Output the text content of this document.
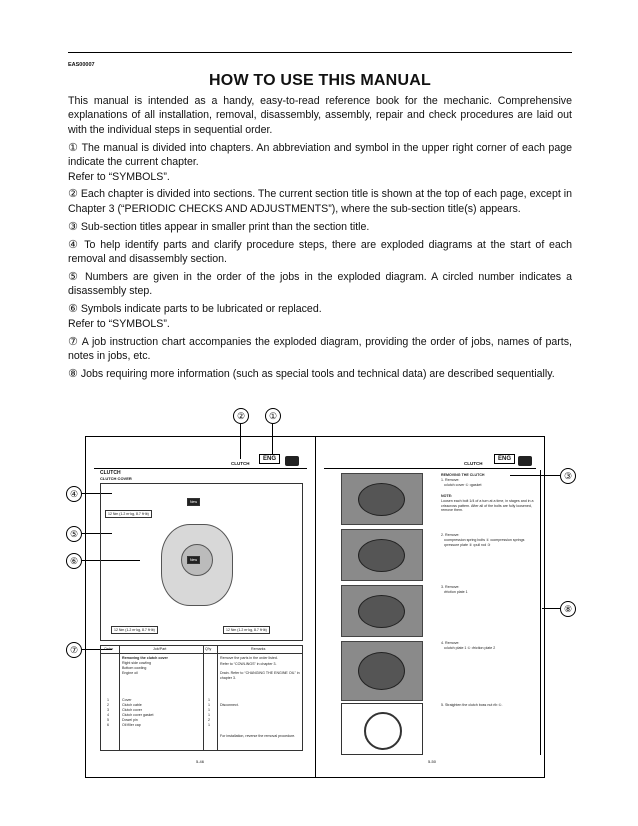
EAS00007
HOW TO USE THIS MANUAL

This manual is intended as a handy, easy-to-read reference book for the mechanic. Comprehensive explanations of all installation, removal, disassembly, assembly, repair and check procedures are laid out with the individual steps in sequential order.

① The manual is divided into chapters. An abbreviation and symbol in the upper right corner of each page indicate the current chapter.
Refer to “SYMBOLS”.

② Each chapter is divided into sections. The current section title is shown at the top of each page, except in Chapter 3 (“PERIODIC CHECKS AND ADJUSTMENTS”), where the sub-section title(s) appears.

③ Sub-section titles appear in smaller print than the section title.

④ To help identify parts and clarify procedure steps, there are exploded diagrams at the start of each removal and disassembly section.

⑤ Numbers are given in the order of the jobs in the exploded diagram. A circled number indicates a disassembly step.

⑥ Symbols indicate parts to be lubricated or replaced.
Refer to “SYMBOLS”.

⑦ A job instruction chart accompanies the exploded diagram, providing the order of jobs, names of parts, notes in jobs, etc.

⑧ Jobs requiring more information (such as special tools and technical data) are described sequentially.

②	①
④
⑤
⑥
⑦
③
⑧
CLUTCH
ENG
CLUTCH
CLUTCH COVER
12 Nm (1.2 m·kg, 8.7 ft·lb)
12 Nm (1.2 m·kg, 8.7 ft·lb)	12 Nm (1.2 m·kg, 8.7 ft·lb)
New
New
Order	Job/Part	Q'ty	Remarks
Removing the clutch cover
Right side cowling
Bottom cowling
Engine oil
Remove the parts in the order listed.
Refer to “COWLINGS” in chapter 3.
Drain. Refer to “CHANGING THE ENGINE OIL” in chapter 3.
1	Cover	1
2	Clutch cable	1	Disconnect.
3	Clutch cover	1
4	Clutch cover gasket	1
5	Dowel pin	2
6	Oil filler cap	1
For installation, reverse the removal procedure.
5-46
CLUTCH
ENG
REMOVING THE CLUTCH
1. Remove:
•clutch cover ① •gasket
NOTE:
Loosen each bolt 1/4 of a turn at a time, in stages and in a crisscross pattern. After all of the bolts are fully loosened, remove them.
2. Remove:
•compression spring bolts ① •compression springs •pressure plate ② •pull rod ③
3. Remove:
•friction plate 1
4. Remove:
•clutch plate 1 ① •friction plate 2
5. Straighten the clutch boss nut rib ①.
5-50
